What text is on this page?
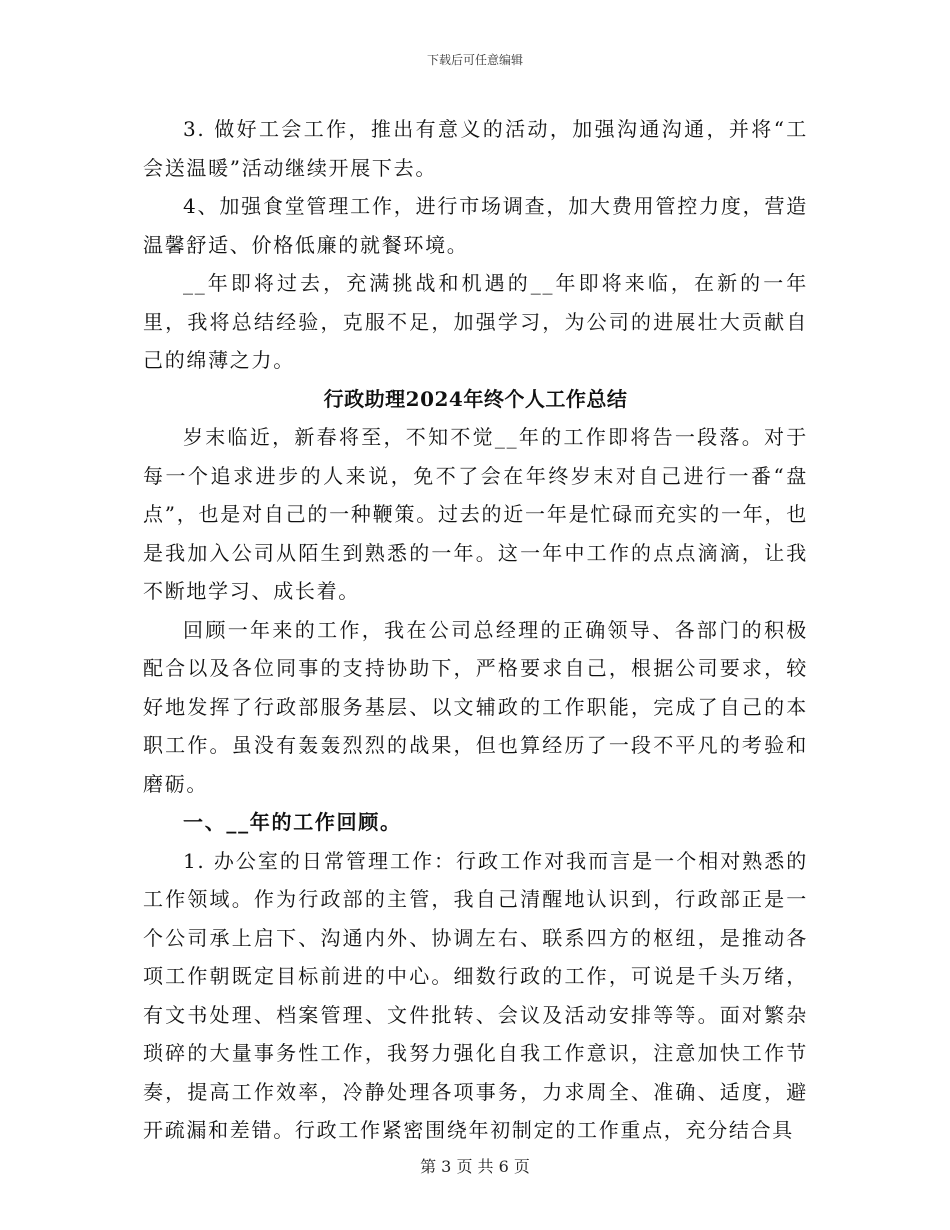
下载后可任意编辑

3. 做好工会工作，推出有意义的活动，加强沟通沟通，并将“工会送温暖”活动继续开展下去。

4、加强食堂管理工作，进行市场调查，加大费用管控力度，营造温馨舒适、价格低廉的就餐环境。

__年即将过去，充满挑战和机遇的__年即将来临，在新的一年里，我将总结经验，克服不足，加强学习，为公司的进展壮大贡献自己的绵薄之力。

行政助理2024年终个人工作总结

岁末临近，新春将至，不知不觉__年的工作即将告一段落。对于每一个追求进步的人来说，免不了会在年终岁末对自己进行一番“盘点”，也是对自己的一种鞭策。过去的近一年是忙碌而充实的一年，也是我加入公司从陌生到熟悉的一年。这一年中工作的点点滴滴，让我不断地学习、成长着。

回顾一年来的工作，我在公司总经理的正确领导、各部门的积极配合以及各位同事的支持协助下，严格要求自己，根据公司要求，较好地发挥了行政部服务基层、以文辅政的工作职能，完成了自己的本职工作。虽没有轰轰烈烈的战果，但也算经历了一段不平凡的考验和磨砺。

一、__年的工作回顾。

1. 办公室的日常管理工作：行政工作对我而言是一个相对熟悉的工作领域。作为行政部的主管，我自己清醒地认识到，行政部正是一个公司承上启下、沟通内外、协调左右、联系四方的枢纽，是推动各项工作朝既定目标前进的中心。细数行政的工作，可说是千头万绪，有文书处理、档案管理、文件批转、会议及活动安排等等。面对繁杂琐碎的大量事务性工作，我努力强化自我工作意识，注意加快工作节奏，提高工作效率，冷静处理各项事务，力求周全、准确、适度，避开疏漏和差错。行政工作紧密围绕年初制定的工作重点，充分结合具

第 3 页 共 6 页
